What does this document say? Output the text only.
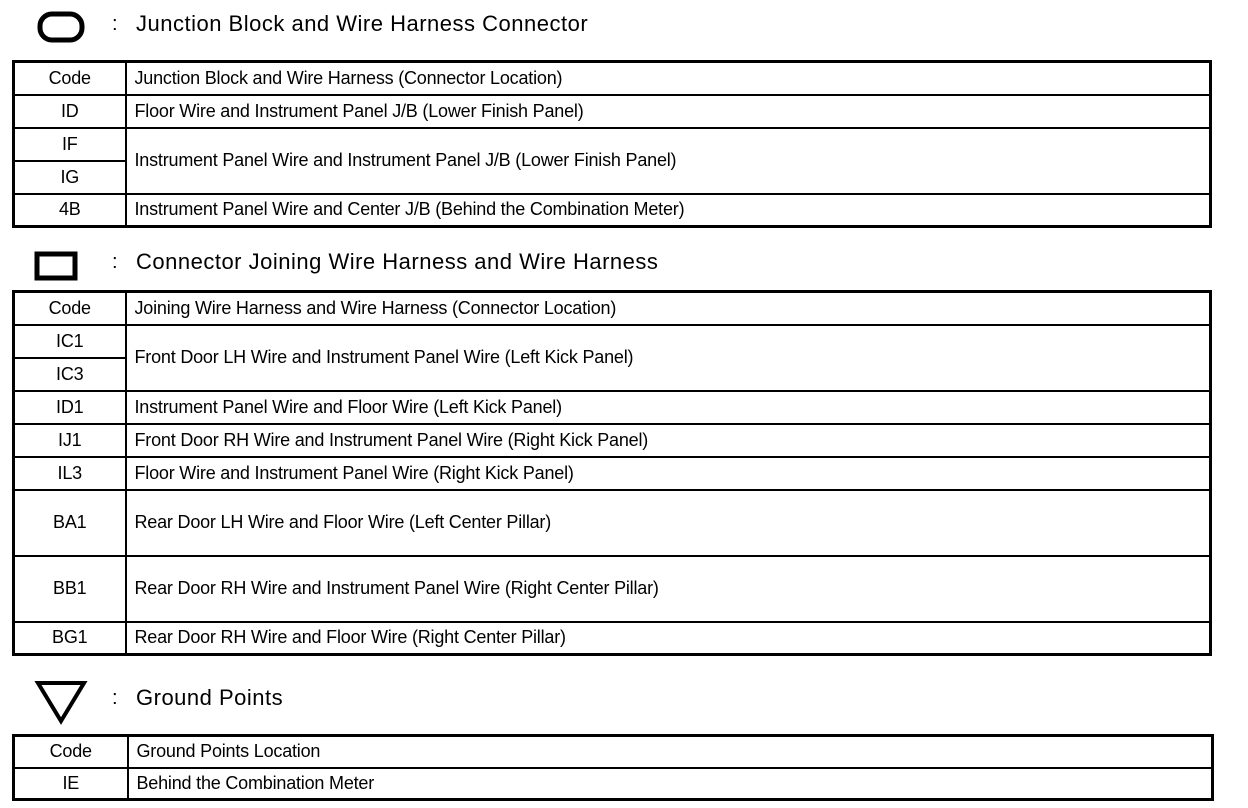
: Junction Block and Wire Harness Connector
Code	Junction Block and Wire Harness (Connector Location)
ID	Floor Wire and Instrument Panel J/B (Lower Finish Panel)
IF	Instrument Panel Wire and Instrument Panel J/B (Lower Finish Panel)
IG	
4B	Instrument Panel Wire and Center J/B (Behind the Combination Meter)
: Connector Joining Wire Harness and Wire Harness
Code	Joining Wire Harness and Wire Harness (Connector Location)
IC1	Front Door LH Wire and Instrument Panel Wire (Left Kick Panel)
IC3	
ID1	Instrument Panel Wire and Floor Wire (Left Kick Panel)
IJ1	Front Door RH Wire and Instrument Panel Wire (Right Kick Panel)
IL3	Floor Wire and Instrument Panel Wire (Right Kick Panel)
BA1	Rear Door LH Wire and Floor Wire (Left Center Pillar)
BB1	Rear Door RH Wire and Instrument Panel Wire (Right Center Pillar)
BG1	Rear Door RH Wire and Floor Wire (Right Center Pillar)
: Ground Points
Code	Ground Points Location
IE	Behind the Combination Meter
